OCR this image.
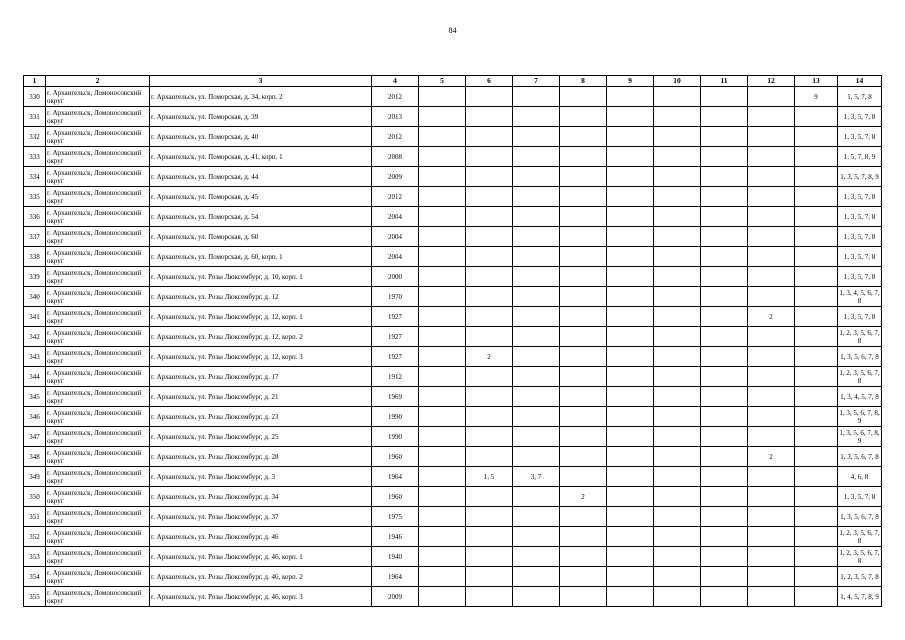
84
1	2	3	4	5	6	7	8	9	10	11	12	13	14
330	г. Архангельск, Ломоносовский округ	г. Архангельск, ул. Поморская, д. 34, корп. 2	2012									9	1, 5, 7, 8
331	г. Архангельск, Ломоносовский округ	г. Архангельск, ул. Поморская, д. 39	2013										1, 3, 5, 7, 8
332	г. Архангельск, Ломоносовский округ	г. Архангельск, ул. Поморская, д. 40	2012										1, 3, 5, 7, 8
333	г. Архангельск, Ломоносовский округ	г. Архангельск, ул. Поморская, д. 41, корп. 1	2008										1, 5, 7, 8, 9
334	г. Архангельск, Ломоносовский округ	г. Архангельск, ул. Поморская, д. 44	2009										1, 3, 5, 7, 8, 9
335	г. Архангельск, Ломоносовский округ	г. Архангельск, ул. Поморская, д. 45	2012										1, 3, 5, 7, 8
336	г. Архангельск, Ломоносовский округ	г. Архангельск, ул. Поморская, д. 54	2004										1, 3, 5, 7, 8
337	г. Архангельск, Ломоносовский округ	г. Архангельск, ул. Поморская, д. 60	2004										1, 3, 5, 7, 8
338	г. Архангельск, Ломоносовский округ	г. Архангельск, ул. Поморская, д. 60, корп. 1	2004										1, 3, 5, 7, 8
339	г. Архангельск, Ломоносовский округ	г. Архангельск, ул. Розы Люксембург, д. 10, корп. 1	2000										1, 3, 5, 7, 8
340	г. Архангельск, Ломоносовский округ	г. Архангельск, ул. Розы Люксембург, д. 12	1970										1, 3, 4, 5, 6, 7, 8
341	г. Архангельск, Ломоносовский округ	г. Архангельск, ул. Розы Люксембург, д. 12, корп. 1	1927								2		1, 3, 5, 7, 8
342	г. Архангельск, Ломоносовский округ	г. Архангельск, ул. Розы Люксембург, д. 12, корп. 2	1927										1, 2, 3, 5, 6, 7, 8
343	г. Архангельск, Ломоносовский округ	г. Архангельск, ул. Розы Люксембург, д. 12, корп. 3	1927		2								1, 3, 5, 6, 7, 8
344	г. Архангельск, Ломоносовский округ	г. Архангельск, ул. Розы Люксембург, д. 17	1912										1, 2, 3, 5, 6, 7, 8
345	г. Архангельск, Ломоносовский округ	г. Архангельск, ул. Розы Люксембург, д. 21	1969										1, 3, 4, 5, 7, 8
346	г. Архангельск, Ломоносовский округ	г. Архангельск, ул. Розы Люксембург, д. 23	1990										1, 3, 5, 6, 7, 8, 9
347	г. Архангельск, Ломоносовский округ	г. Архангельск, ул. Розы Люксембург, д. 25	1990										1, 3, 5, 6, 7, 8, 9
348	г. Архангельск, Ломоносовский округ	г. Архангельск, ул. Розы Люксембург, д. 28	1960								2		1, 3, 5, 6, 7, 8
349	г. Архангельск, Ломоносовский округ	г. Архангельск, ул. Розы Люксембург, д. 3	1964		1, 5	3, 7							4, 6, 8
350	г. Архангельск, Ломоносовский округ	г. Архангельск, ул. Розы Люксембург, д. 34	1960				2						1, 3, 5, 7, 8
351	г. Архангельск, Ломоносовский округ	г. Архангельск, ул. Розы Люксембург, д. 37	1975										1, 3, 5, 6, 7, 8
352	г. Архангельск, Ломоносовский округ	г. Архангельск, ул. Розы Люксембург, д. 46	1946										1, 2, 3, 5, 6, 7, 8
353	г. Архангельск, Ломоносовский округ	г. Архангельск, ул. Розы Люксембург, д. 46, корп. 1	1940										1, 2, 3, 5, 6, 7, 8
354	г. Архангельск, Ломоносовский округ	г. Архангельск, ул. Розы Люксембург, д. 46, корп. 2	1964										1, 2, 3, 5, 7, 8
355	г. Архангельск, Ломоносовский округ	г. Архангельск, ул. Розы Люксембург, д. 46, корп. 3	2009										1, 4, 5, 7, 8, 9
